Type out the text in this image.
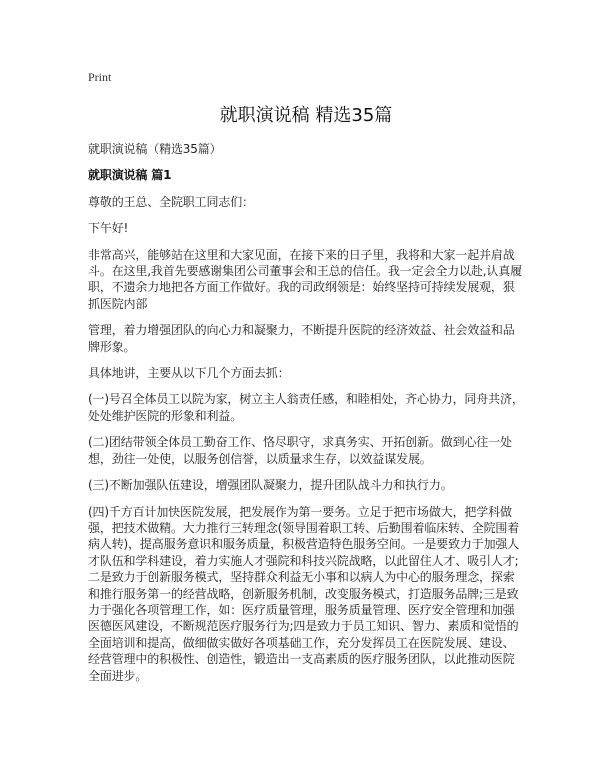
Print
就职演说稿 精选35篇

就职演说稿（精选35篇）

就职演说稿 篇1

尊敬的王总、全院职工同志们：

下午好!

非常高兴，能够站在这里和大家见面，在接下来的日子里，我将和大家一起并肩战斗。在这里,我首先要感谢集团公司董事会和王总的信任。我一定会全力以赴,认真履职，不遗余力地把各方面工作做好。我的司政纲领是：始终坚持可持续发展观，狠抓医院内部

管理，着力增强团队的向心力和凝聚力，不断提升医院的经济效益、社会效益和品牌形象。

具体地讲，主要从以下几个方面去抓：

(一)号召全体员工以院为家，树立主人翁责任感，和睦相处，齐心协力，同舟共济，处处维护医院的形象和利益。

(二)团结带领全体员工勤奋工作、恪尽职守，求真务实、开拓创新。做到心往一处想，劲往一处使，以服务创信誉，以质量求生存，以效益谋发展。

(三)不断加强队伍建设，增强团队凝聚力，提升团队战斗力和执行力。

(四)千方百计加快医院发展，把发展作为第一要务。立足于把市场做大，把学科做强，把技术做精。大力推行三转理念(领导围着职工转、后勤围着临床转、全院围着病人转)，提高服务意识和服务质量，积极营造特色服务空间。一是要致力于加强人才队伍和学科建设，着力实施人才强院和科技兴院战略，以此留住人才、吸引人才;二是致力于创新服务模式，坚持群众利益无小事和以病人为中心的服务理念，探索和推行服务第一的经营战略，创新服务机制，改变服务模式，打造服务品牌;三是致力于强化各项管理工作，如：医疗质量管理，服务质量管理、医疗安全管理和加强医德医风建设，不断规范医疗服务行为;四是致力于员工知识、智力、素质和觉悟的全面培训和提高，做细做实做好各项基础工作，充分发挥员工在医院发展、建设、经营管理中的积极性、创造性，锻造出一支高素质的医疗服务团队，以此推动医院全面进步。
